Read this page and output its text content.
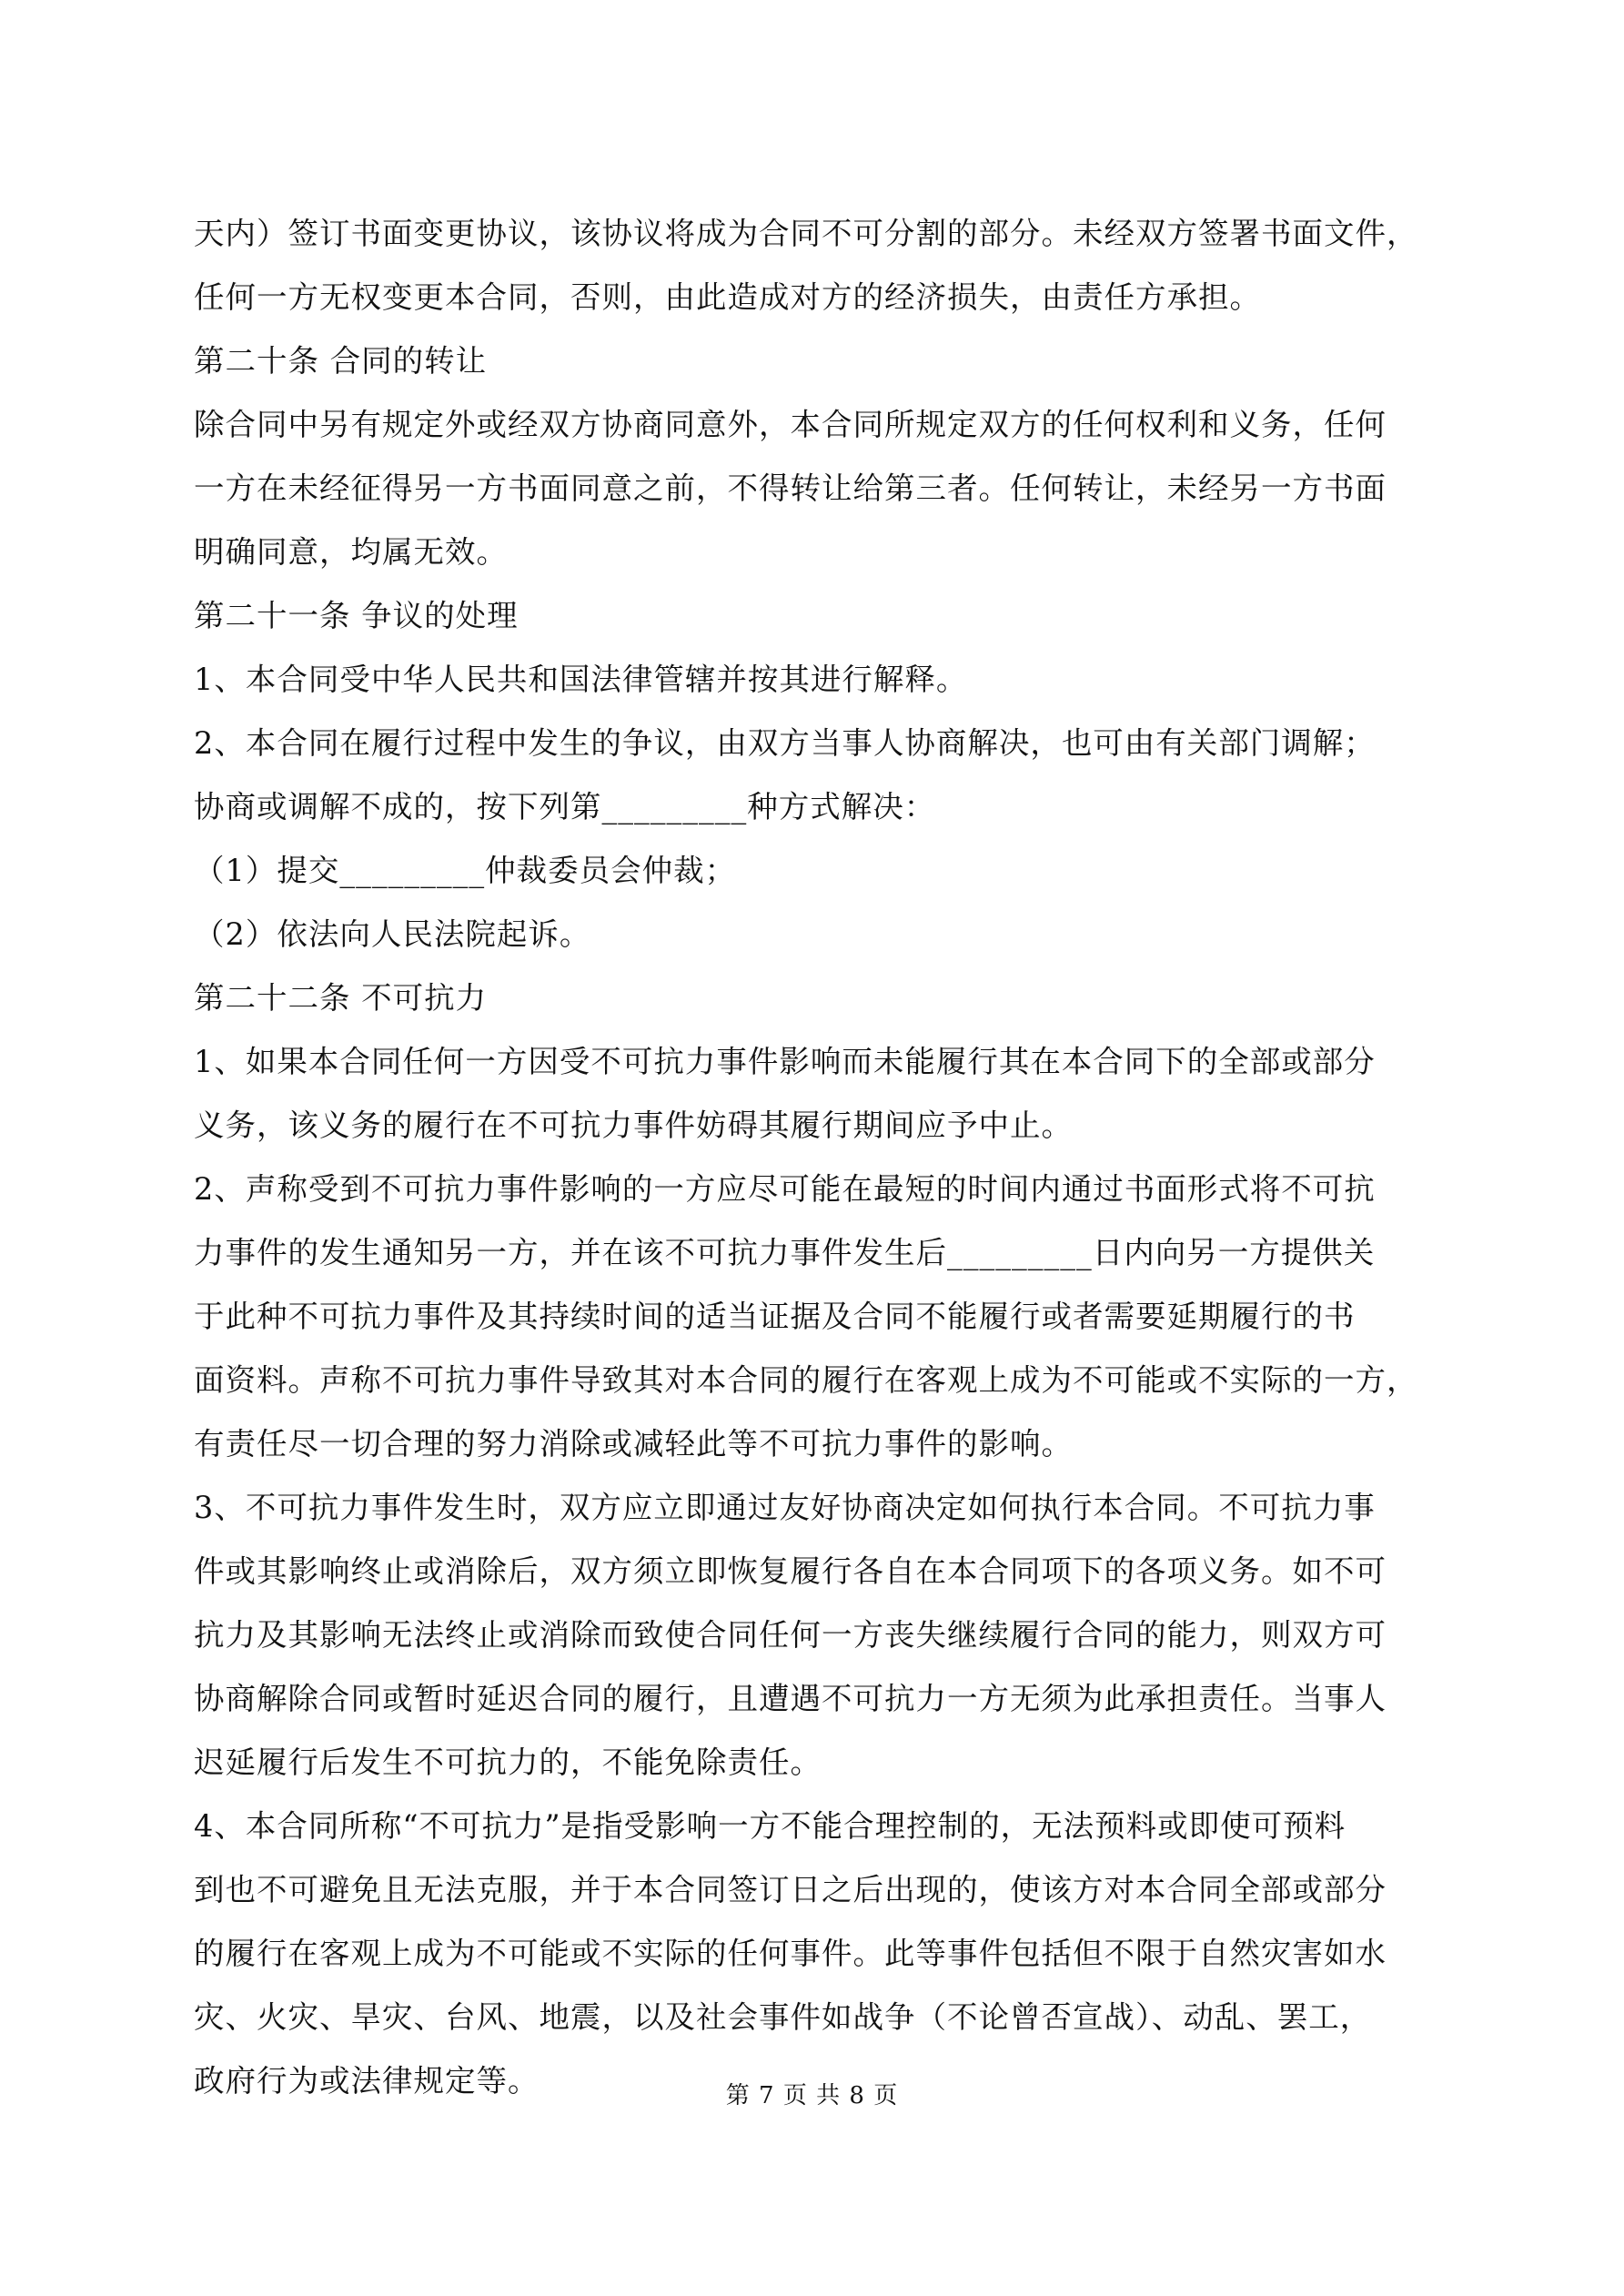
天内）签订书面变更协议，该协议将成为合同不可分割的部分。未经双方签署书面文件，
任何一方无权变更本合同，否则，由此造成对方的经济损失，由责任方承担。
第二十条 合同的转让
除合同中另有规定外或经双方协商同意外，本合同所规定双方的任何权利和义务，任何
一方在未经征得另一方书面同意之前，不得转让给第三者。任何转让，未经另一方书面
明确同意，均属无效。
第二十一条 争议的处理
1、本合同受中华人民共和国法律管辖并按其进行解释。
2、本合同在履行过程中发生的争议，由双方当事人协商解决，也可由有关部门调解；
协商或调解不成的，按下列第_________种方式解决：
（1）提交_________仲裁委员会仲裁；
（2）依法向人民法院起诉。
第二十二条 不可抗力
1、如果本合同任何一方因受不可抗力事件影响而未能履行其在本合同下的全部或部分
义务，该义务的履行在不可抗力事件妨碍其履行期间应予中止。
2、声称受到不可抗力事件影响的一方应尽可能在最短的时间内通过书面形式将不可抗
力事件的发生通知另一方，并在该不可抗力事件发生后_________日内向另一方提供关
于此种不可抗力事件及其持续时间的适当证据及合同不能履行或者需要延期履行的书
面资料。声称不可抗力事件导致其对本合同的履行在客观上成为不可能或不实际的一方，
有责任尽一切合理的努力消除或减轻此等不可抗力事件的影响。
3、不可抗力事件发生时，双方应立即通过友好协商决定如何执行本合同。不可抗力事
件或其影响终止或消除后，双方须立即恢复履行各自在本合同项下的各项义务。如不可
抗力及其影响无法终止或消除而致使合同任何一方丧失继续履行合同的能力，则双方可
协商解除合同或暂时延迟合同的履行，且遭遇不可抗力一方无须为此承担责任。当事人
迟延履行后发生不可抗力的，不能免除责任。
4、本合同所称“不可抗力”是指受影响一方不能合理控制的，无法预料或即使可预料
到也不可避免且无法克服，并于本合同签订日之后出现的，使该方对本合同全部或部分
的履行在客观上成为不可能或不实际的任何事件。此等事件包括但不限于自然灾害如水
灾、火灾、旱灾、台风、地震，以及社会事件如战争（不论曾否宣战）、动乱、罢工，
政府行为或法律规定等。	第 7 页 共 8 页
